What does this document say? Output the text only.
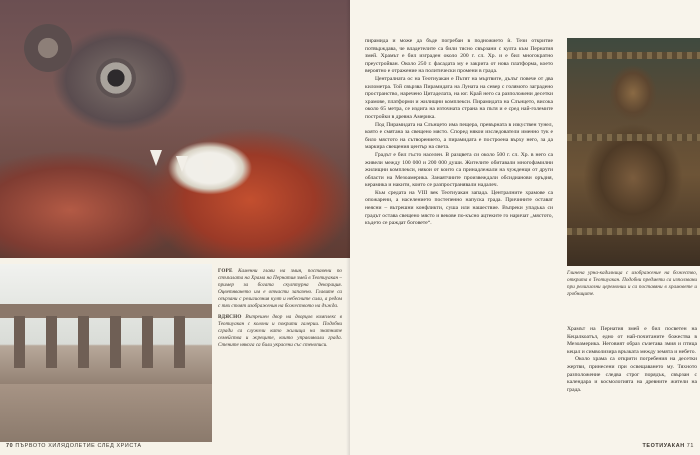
ГОРЕ Каменни глави на змия, поставени по стъпалата на Храма на Пернатия змей в Теотиуакан – пример за богата скулптурна декорация. Оцветяването им е отчасти запазено. Главите са свързани с религиозния култ и небесните сили, а редом с тях стоят изображения на божеството на дъжда.

ВДЯСНО Вътрешен двор на дворцов комплекс в Теотиуакан с колони и покрити галерии. Подобни сгради са служели като жилища на знатните семейства и жреците, които управлявали града. Стените някога са били украсени със стенописи.

70 ПЪРВОТО ХИЛЯДОЛЕТИЕ СЛЕД ХРИСТА

пирамида и може да бъде погребан в подножието ѝ. Тези откритие потвърждава, че владетелите са били тясно свързани с култа към Пернатия змей. Храмът е бил изграден около 200 г. сл. Хр. и е бил многократно преустройван. Около 250 г. фасадата му е закрита от нова платформа, което вероятно е отражение на политически промени в града.

Централната ос на Теотиуакан е Пътят на мъртвите, дълъг повече от два километра. Той свързва Пирамидата на Луната на север с голямото заградено пространство, наречено Цитаделата, на юг. Край него са разположени десетки храмове, платформи и жилищни комплекси. Пирамидата на Слънцето, висока около 65 метра, се издига на източната страна на пътя и е сред най-големите постройки в древна Америка.

Под Пирамидата на Слънцето има пещера, превърната в изкуствен тунел, която е смятана за свещено място. Според някои изследователи именно тук е било мястото на сътворението, а пирамидата е построена върху него, за да маркира свещения център на света.

Градът е бил гъсто населен. В разцвета си около 500 г. сл. Хр. в него са живели между 100 000 и 200 000 души. Жителите обитавали многофамилни жилищни комплекси, някои от които са принадлежали на чужденци от други области на Мезоамерика. Занаятчиите произвеждали обсидианови оръдия, керамика и накити, които се разпространявали надалеч.

Към средата на VIII век Теотиуакан запада. Централните храмове са опожарени, а населението постепенно напуска града. Причините остават неясни – вътрешни конфликти, суша или нашествие. Въпреки упадъка си градът остава свещено място и векове по-късно ацтеките го наричат „мястото, където се раждат боговете“.

Глинена урна-кадилница с изображение на божество, открита в Теотиуакан. Подобни предмети са използвани при религиозни церемонии и са поставяни в храмовете и гробниците.

Храмът на Пернатия змей е бил посветен на Кецалкоатъл, едно от най-почитаните божества в Мезоамерика. Неговият образ съчетава змия и птица кецал и символизира връзката между земята и небето.

Около храма са открити погребения на десетки жертви, принесени при освещаването му. Тяхното разположение следва строг порядък, свързан с календара и космологията на древните жители на града.

ТЕОТИУАКАН 71
